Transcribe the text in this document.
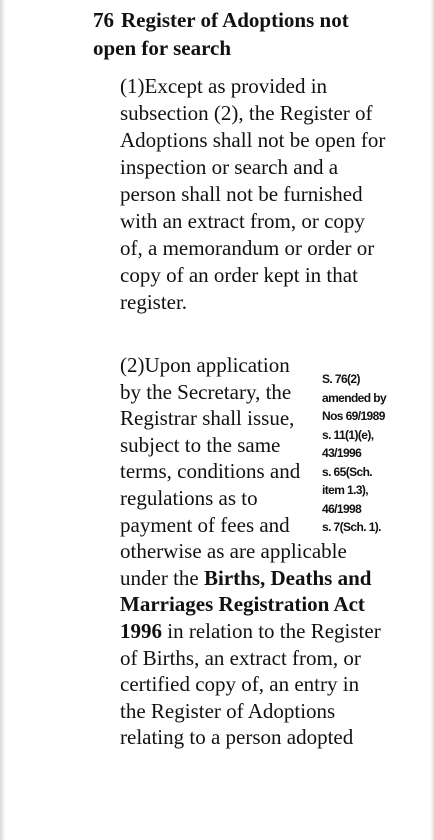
76 Register of Adoptions not open for search

(1)Except as provided in subsection (2), the Register of Adoptions shall not be open for inspection or search and a person shall not be furnished with an extract from, or copy of, a memorandum or order or copy of an order kept in that register.

S. 76(2)
amended by
Nos 69/1989
s. 11(1)(e),
43/1996
s. 65(Sch.
item 1.3),
46/1998
s. 7(Sch. 1).
(2)Upon application by the Secretary, the Registrar shall issue, subject to the same terms, conditions and regulations as to payment of fees and otherwise as are applicable under the Births, Deaths and Marriages Registration Act 1996 in relation to the Register of Births, an extract from, or certified copy of, an entry in the Register of Adoptions relating to a person adopted
